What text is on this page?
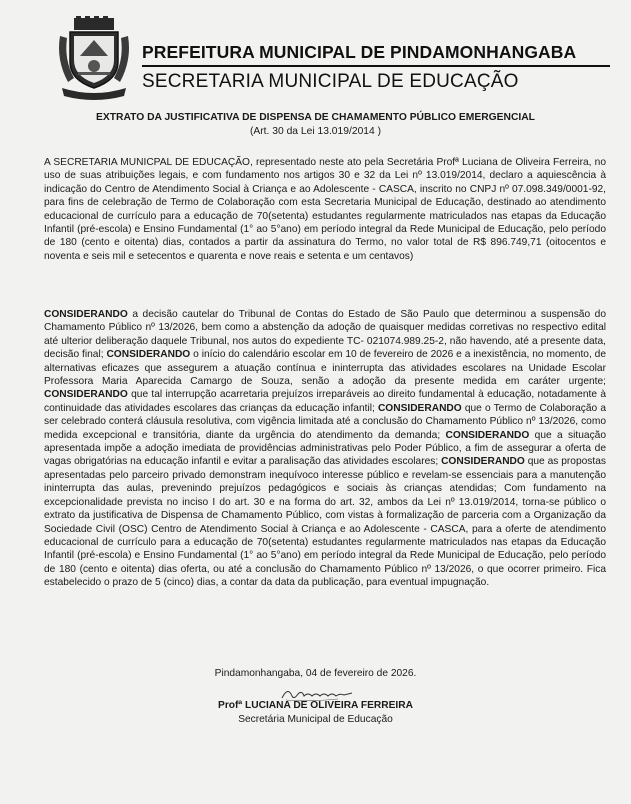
PREFEITURA MUNICIPAL DE PINDAMONHANGABA
SECRETARIA MUNICIPAL DE EDUCAÇÃO
EXTRATO DA JUSTIFICATIVA DE DISPENSA DE CHAMAMENTO PÚBLICO EMERGENCIAL
(Art. 30 da Lei 13.019/2014 )
A SECRETARIA MUNICPAL DE EDUCAÇÃO, representado neste ato pela Secretária Profª Luciana de Oliveira Ferreira, no uso de suas atribuições legais, e com fundamento nos artigos 30 e 32 da Lei nº 13.019/2014, declaro a aquiescência à indicação do Centro de Atendimento Social à Criança e ao Adolescente - CASCA, inscrito no CNPJ nº 07.098.349/0001-92, para fins de celebração de Termo de Colaboração com esta Secretaria Municipal de Educação, destinado ao atendimento educacional de currículo para a educação de 70(setenta) estudantes regularmente matriculados nas etapas da Educação Infantil (pré-escola) e Ensino Fundamental (1° ao 5°ano) em período integral da Rede Municipal de Educação, pelo período de 180 (cento e oitenta) dias, contados a partir da assinatura do Termo, no valor total de R$ 896.749,71 (oitocentos e noventa e seis mil e setecentos e quarenta e nove reais e setenta e um centavos)
CONSIDERANDO a decisão cautelar do Tribunal de Contas do Estado de São Paulo que determinou a suspensão do Chamamento Público nº 13/2026, bem como a abstenção da adoção de quaisquer medidas corretivas no respectivo edital até ulterior deliberação daquele Tribunal, nos autos do expediente TC- 021074.989.25-2, não havendo, até a presente data, decisão final; CONSIDERANDO o início do calendário escolar em 10 de fevereiro de 2026 e a inexistência, no momento, de alternativas eficazes que assegurem a atuação contínua e ininterrupta das atividades escolares na Unidade Escolar Professora Maria Aparecida Camargo de Souza, senão a adoção da presente medida em caráter urgente; CONSIDERANDO que tal interrupção acarretaria prejuízos irreparáveis ao direito fundamental à educação, notadamente à continuidade das atividades escolares das crianças da educação infantil; CONSIDERANDO que o Termo de Colaboração a ser celebrado conterá cláusula resolutiva, com vigência limitada até a conclusão do Chamamento Público nº 13/2026, como medida excepcional e transitória, diante da urgência do atendimento da demanda; CONSIDERANDO que a situação apresentada impõe a adoção imediata de providências administrativas pelo Poder Público, a fim de assegurar a oferta de vagas obrigatórias na educação infantil e evitar a paralisação das atividades escolares; CONSIDERANDO que as propostas apresentadas pelo parceiro privado demonstram inequívoco interesse público e revelam-se essenciais para a manutenção ininterrupta das aulas, prevenindo prejuízos pedagógicos e sociais às crianças atendidas; Com fundamento na excepcionalidade prevista no inciso I do art. 30 e na forma do art. 32, ambos da Lei nº 13.019/2014, torna-se público o extrato da justificativa de Dispensa de Chamamento Público, com vistas à formalização de parceria com a Organização da Sociedade Civil (OSC) Centro de Atendimento Social à Criança e ao Adolescente - CASCA, para a oferte de atendimento educacional de currículo para a educação de 70(setenta) estudantes regularmente matriculados nas etapas da Educação Infantil (pré-escola) e Ensino Fundamental (1° ao 5°ano) em período integral da Rede Municipal de Educação, pelo período de 180 (cento e oitenta) dias oferta, ou até a conclusão do Chamamento Público nº 13/2026, o que ocorrer primeiro. Fica estabelecido o prazo de 5 (cinco) dias, a contar da data da publicação, para eventual impugnação.
Pindamonhangaba, 04 de fevereiro de 2026.
Profª LUCIANA DE OLIVEIRA FERREIRA
Secretária Municipal de Educação
